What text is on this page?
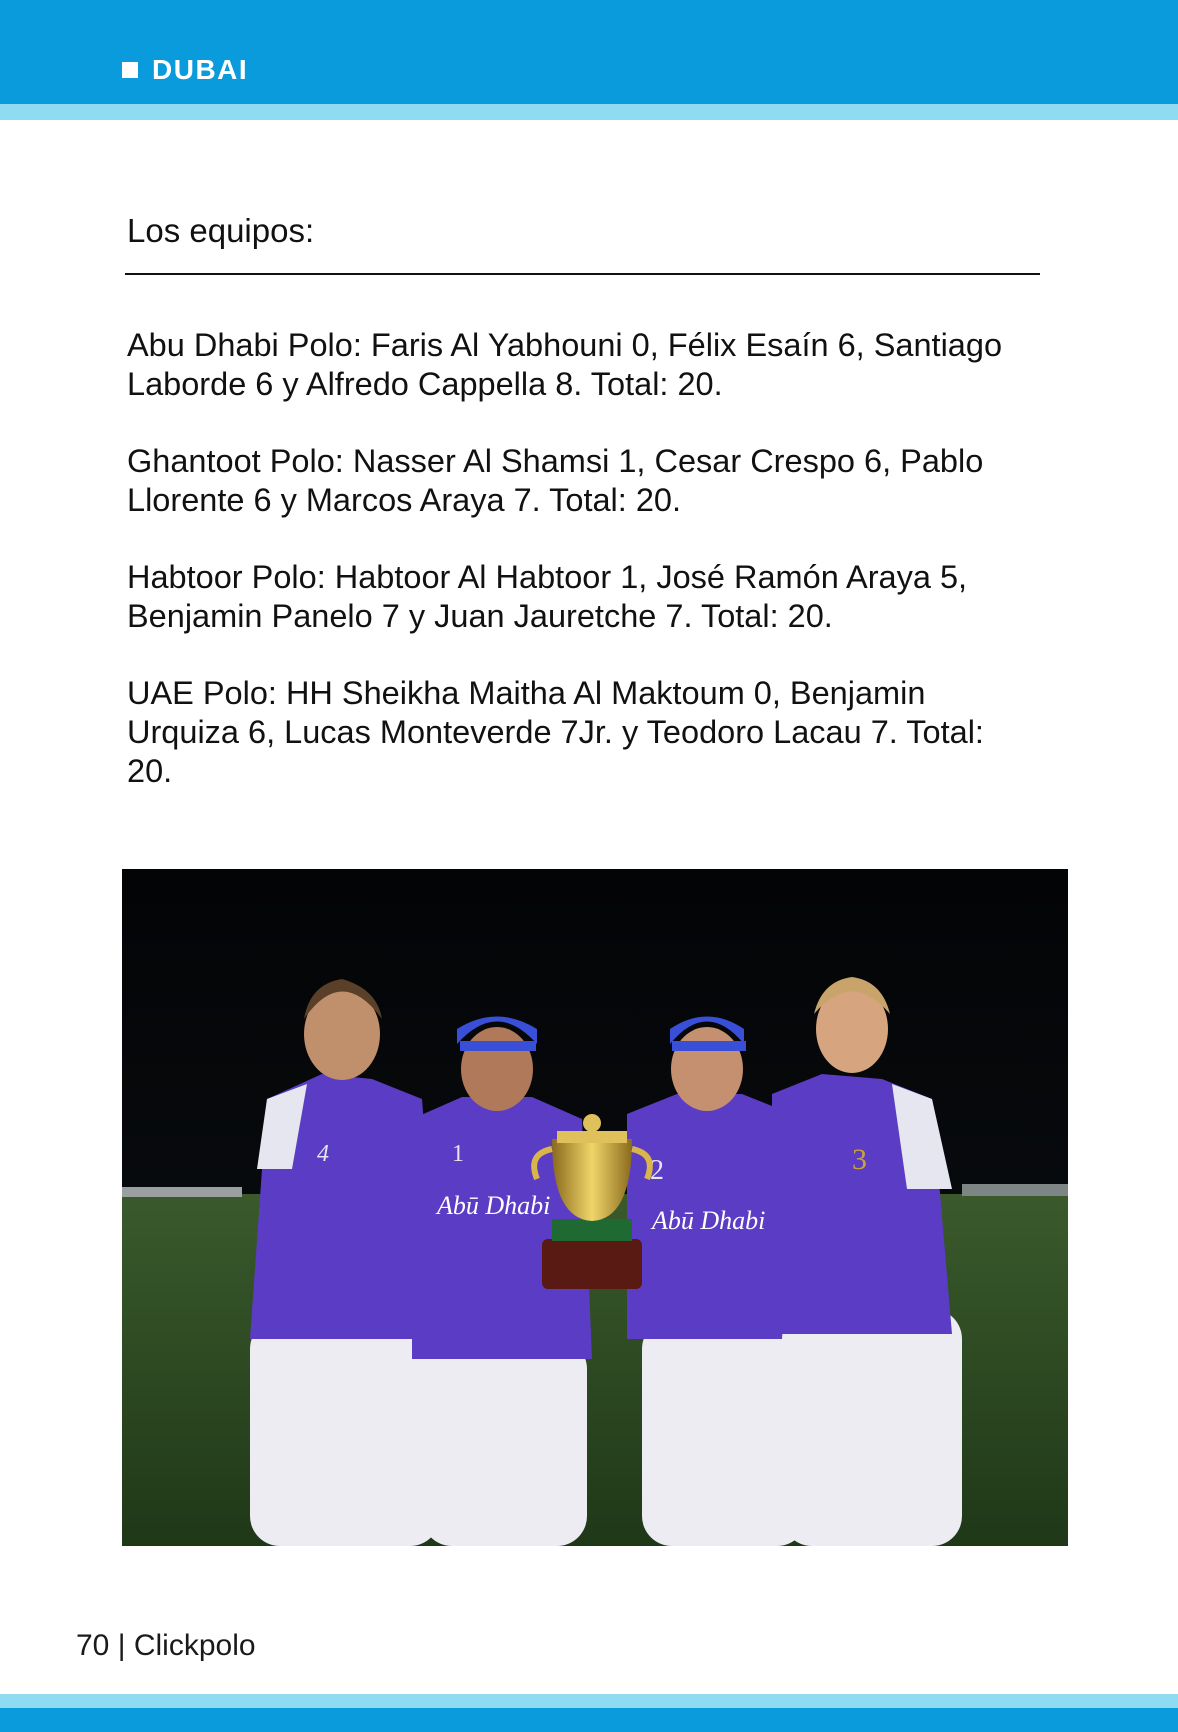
DUBAI
Los equipos:

Abu Dhabi Polo: Faris Al Yabhouni 0, Félix Esaín 6, Santiago Laborde 6 y Alfredo Cappella 8. Total: 20.

Ghantoot Polo: Nasser Al Shamsi 1, Cesar Crespo 6, Pablo Llorente 6 y Marcos Araya 7. Total: 20.

Habtoor Polo: Habtoor Al Habtoor 1, José Ramón Araya 5, Benjamin Panelo 7 y Juan Jauretche 7. Total: 20.

UAE Polo: HH Sheikha Maitha Al Maktoum 0, Benjamin Urquiza 6, Lucas Monteverde 7Jr. y Teodoro Lacau 7. Total: 20.

4
Abū Dhabi
1
Abū Dhabi
2	3
70 | Clickpolo
